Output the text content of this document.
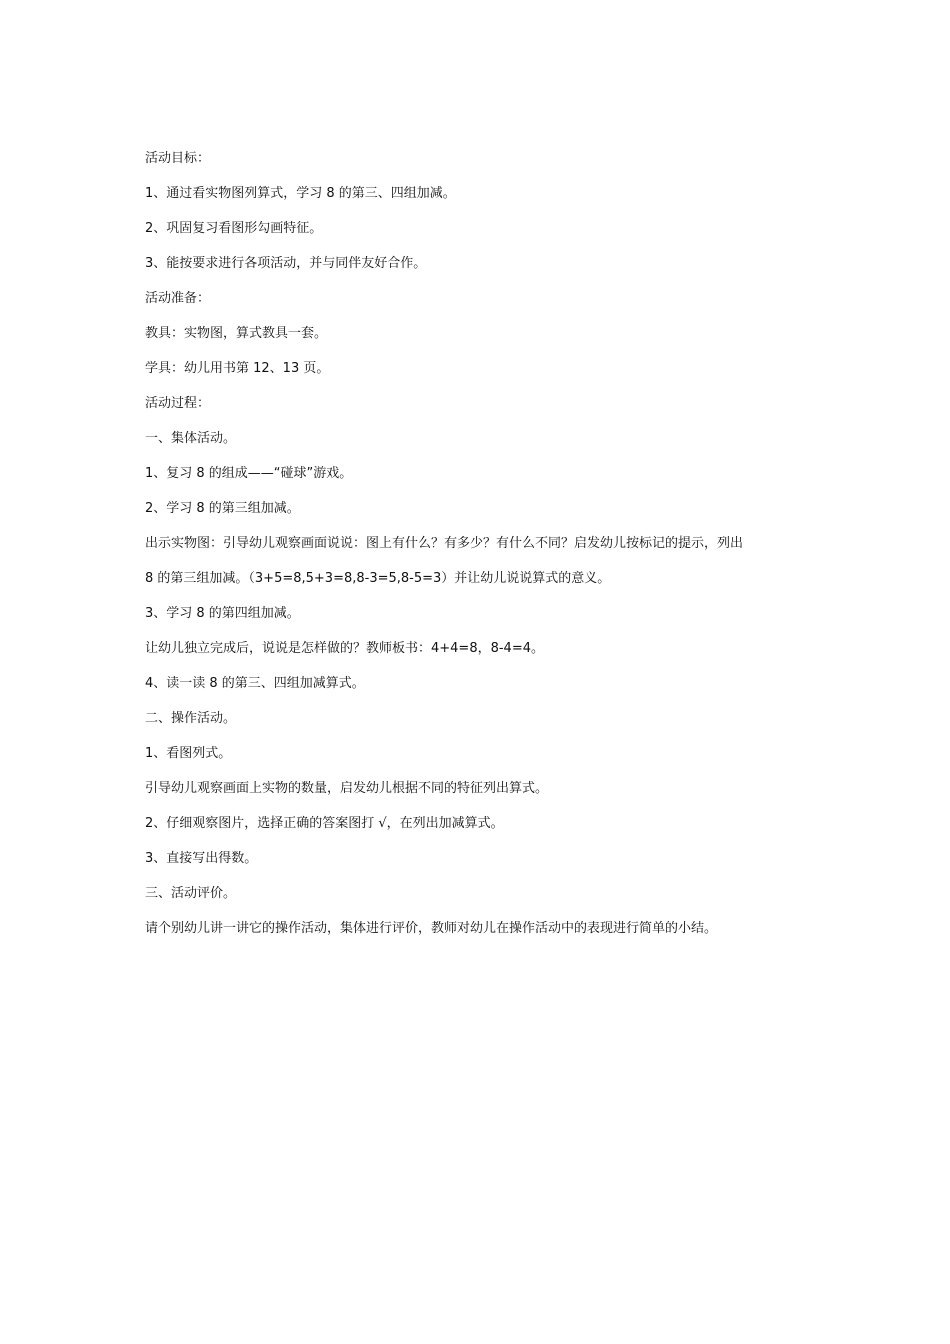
活动目标：

1、通过看实物图列算式，学习 8 的第三、四组加减。

2、巩固复习看图形勾画特征。

3、能按要求进行各项活动，并与同伴友好合作。

活动准备：

教具：实物图，算式教具一套。

学具：幼儿用书第 12、13 页。

活动过程：

一、集体活动。

1、复习 8 的组成——“碰球”游戏。

2、学习 8 的第三组加减。

出示实物图：引导幼儿观察画面说说：图上有什么？有多少？有什么不同？启发幼儿按标记的提示，列出

8 的第三组加减。（3+5=8,5+3=8,8-3=5,8-5=3）并让幼儿说说算式的意义。

3、学习 8 的第四组加减。

让幼儿独立完成后，说说是怎样做的？教师板书：4+4=8，8-4=4。

4、读一读 8 的第三、四组加减算式。

二、操作活动。

1、看图列式。

引导幼儿观察画面上实物的数量，启发幼儿根据不同的特征列出算式。

2、仔细观察图片，选择正确的答案图打 √，在列出加减算式。

3、直接写出得数。

三、活动评价。

请个别幼儿讲一讲它的操作活动，集体进行评价，教师对幼儿在操作活动中的表现进行简单的小结。
